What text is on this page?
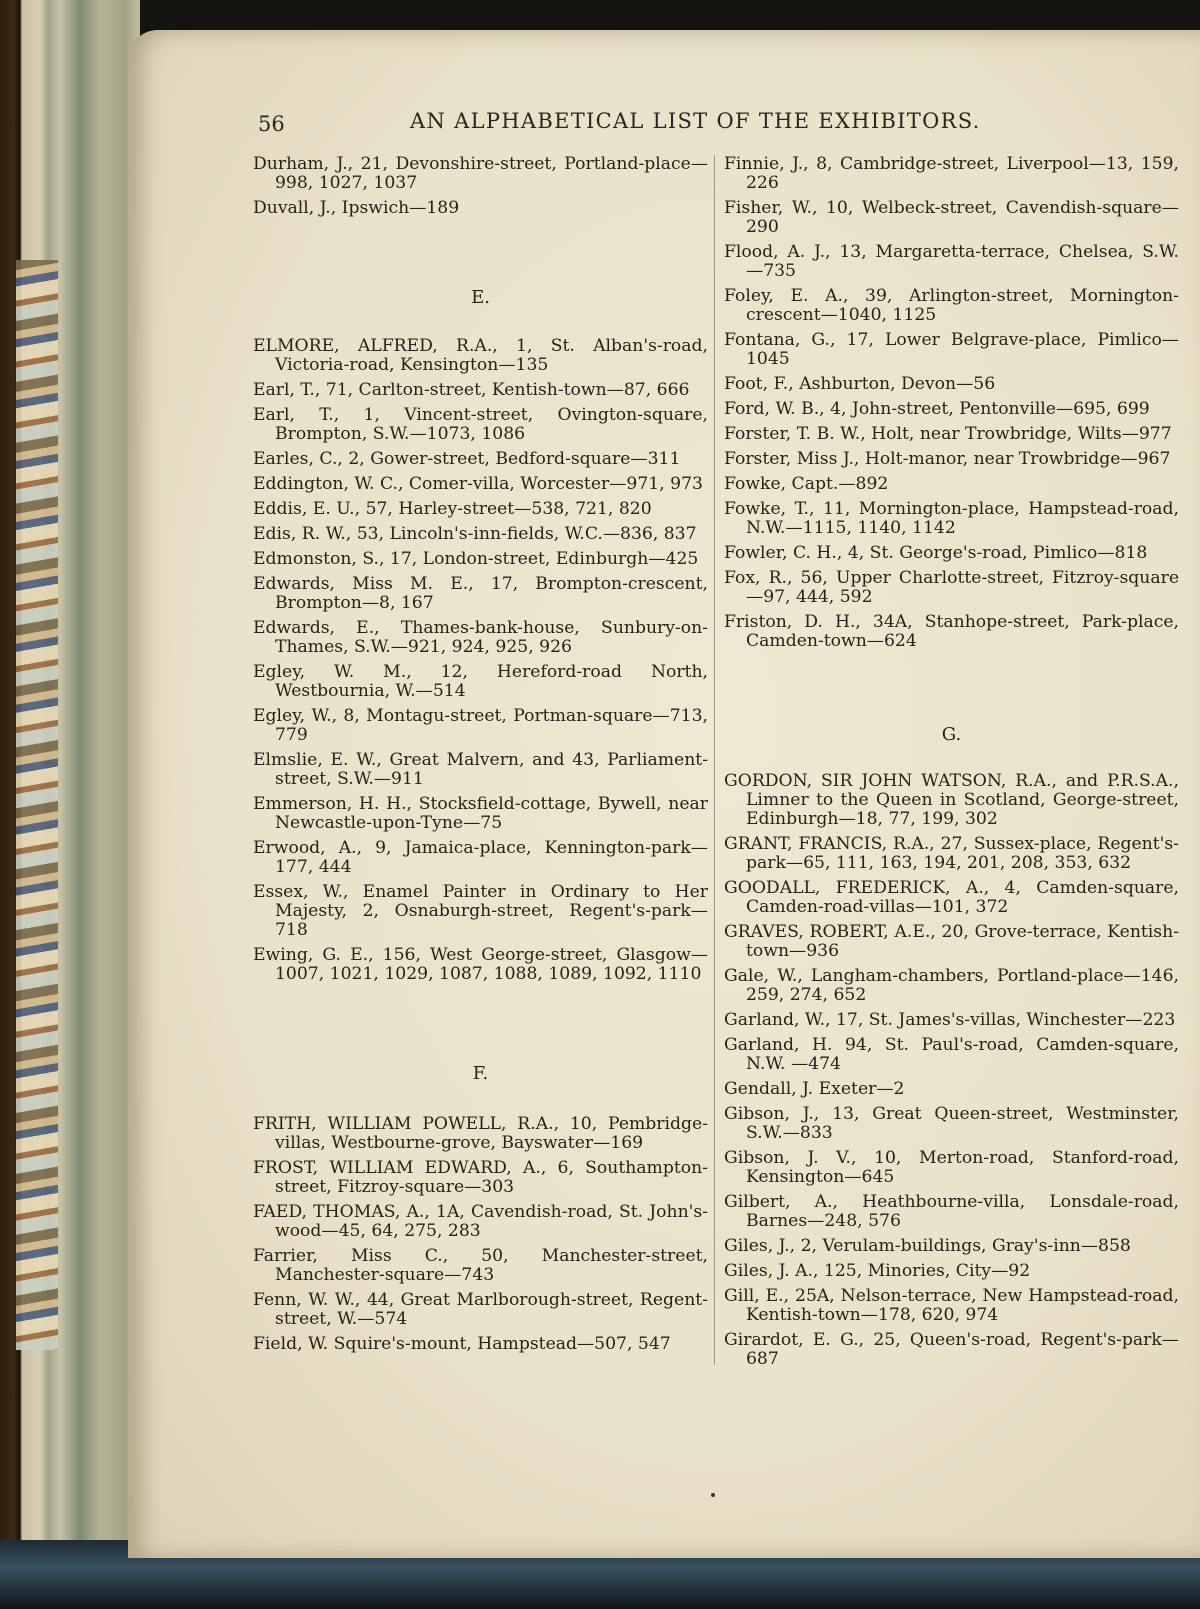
56	AN ALPHABETICAL LIST OF THE EXHIBITORS.
Durham, J., 21, Devonshire-street, Portland-place—998, 1027, 1037
Duvall, J., Ipswich—189
E.
ELMORE, ALFRED, R.A., 1, St. Alban's-road, Victoria-road, Kensington—135
Earl, T., 71, Carlton-street, Kentish-town—87, 666
Earl, T., 1, Vincent-street, Ovington-square, Brompton, S.W.—1073, 1086
Earles, C., 2, Gower-street, Bedford-square—311
Eddington, W. C., Comer-villa, Worcester—971, 973
Eddis, E. U., 57, Harley-street—538, 721, 820
Edis, R. W., 53, Lincoln's-inn-fields, W.C.—836, 837
Edmonston, S., 17, London-street, Edinburgh—425
Edwards, Miss M. E., 17, Brompton-crescent, Brompton—8, 167
Edwards, E., Thames-bank-house, Sunbury-on-Thames, S.W.—921, 924, 925, 926
Egley, W. M., 12, Hereford-road North, Westbournia, W.—514
Egley, W., 8, Montagu-street, Portman-square—713, 779
Elmslie, E. W., Great Malvern, and 43, Parliament-street, S.W.—911
Emmerson, H. H., Stocksfield-cottage, Bywell, near Newcastle-upon-Tyne—75
Erwood, A., 9, Jamaica-place, Kennington-park—177, 444
Essex, W., Enamel Painter in Ordinary to Her Majesty, 2, Osnaburgh-street, Regent's-park—718
Ewing, G. E., 156, West George-street, Glasgow—1007, 1021, 1029, 1087, 1088, 1089, 1092, 1110
F.
FRITH, WILLIAM POWELL, R.A., 10, Pembridge-villas, Westbourne-grove, Bayswater—169
FROST, WILLIAM EDWARD, A., 6, Southampton-street, Fitzroy-square—303
FAED, THOMAS, A., 1A, Cavendish-road, St. John's-wood—45, 64, 275, 283
Farrier, Miss C., 50, Manchester-street, Manchester-square—743
Fenn, W. W., 44, Great Marlborough-street, Regent-street, W.—574
Field, W. Squire's-mount, Hampstead—507, 547
Finnie, J., 8, Cambridge-street, Liverpool—13, 159, 226
Fisher, W., 10, Welbeck-street, Cavendish-square—290
Flood, A. J., 13, Margaretta-terrace, Chelsea, S.W. —735
Foley, E. A., 39, Arlington-street, Mornington-crescent—1040, 1125
Fontana, G., 17, Lower Belgrave-place, Pimlico—1045
Foot, F., Ashburton, Devon—56
Ford, W. B., 4, John-street, Pentonville—695, 699
Forster, T. B. W., Holt, near Trowbridge, Wilts—977
Forster, Miss J., Holt-manor, near Trowbridge—967
Fowke, Capt.—892
Fowke, T., 11, Mornington-place, Hampstead-road, N.W.—1115, 1140, 1142
Fowler, C. H., 4, St. George's-road, Pimlico—818
Fox, R., 56, Upper Charlotte-street, Fitzroy-square—97, 444, 592
Friston, D. H., 34A, Stanhope-street, Park-place, Camden-town—624
G.
GORDON, SIR JOHN WATSON, R.A., and P.R.S.A., Limner to the Queen in Scotland, George-street, Edinburgh—18, 77, 199, 302
GRANT, FRANCIS, R.A., 27, Sussex-place, Regent's-park—65, 111, 163, 194, 201, 208, 353, 632
GOODALL, FREDERICK, A., 4, Camden-square, Camden-road-villas—101, 372
GRAVES, ROBERT, A.E., 20, Grove-terrace, Kentish-town—936
Gale, W., Langham-chambers, Portland-place—146, 259, 274, 652
Garland, W., 17, St. James's-villas, Winchester—223
Garland, H. 94, St. Paul's-road, Camden-square, N.W. —474
Gendall, J. Exeter—2
Gibson, J., 13, Great Queen-street, Westminster, S.W.—833
Gibson, J. V., 10, Merton-road, Stanford-road, Kensington—645
Gilbert, A., Heathbourne-villa, Lonsdale-road, Barnes—248, 576
Giles, J., 2, Verulam-buildings, Gray's-inn—858
Giles, J. A., 125, Minories, City—92
Gill, E., 25A, Nelson-terrace, New Hampstead-road, Kentish-town—178, 620, 974
Girardot, E. G., 25, Queen's-road, Regent's-park—687
